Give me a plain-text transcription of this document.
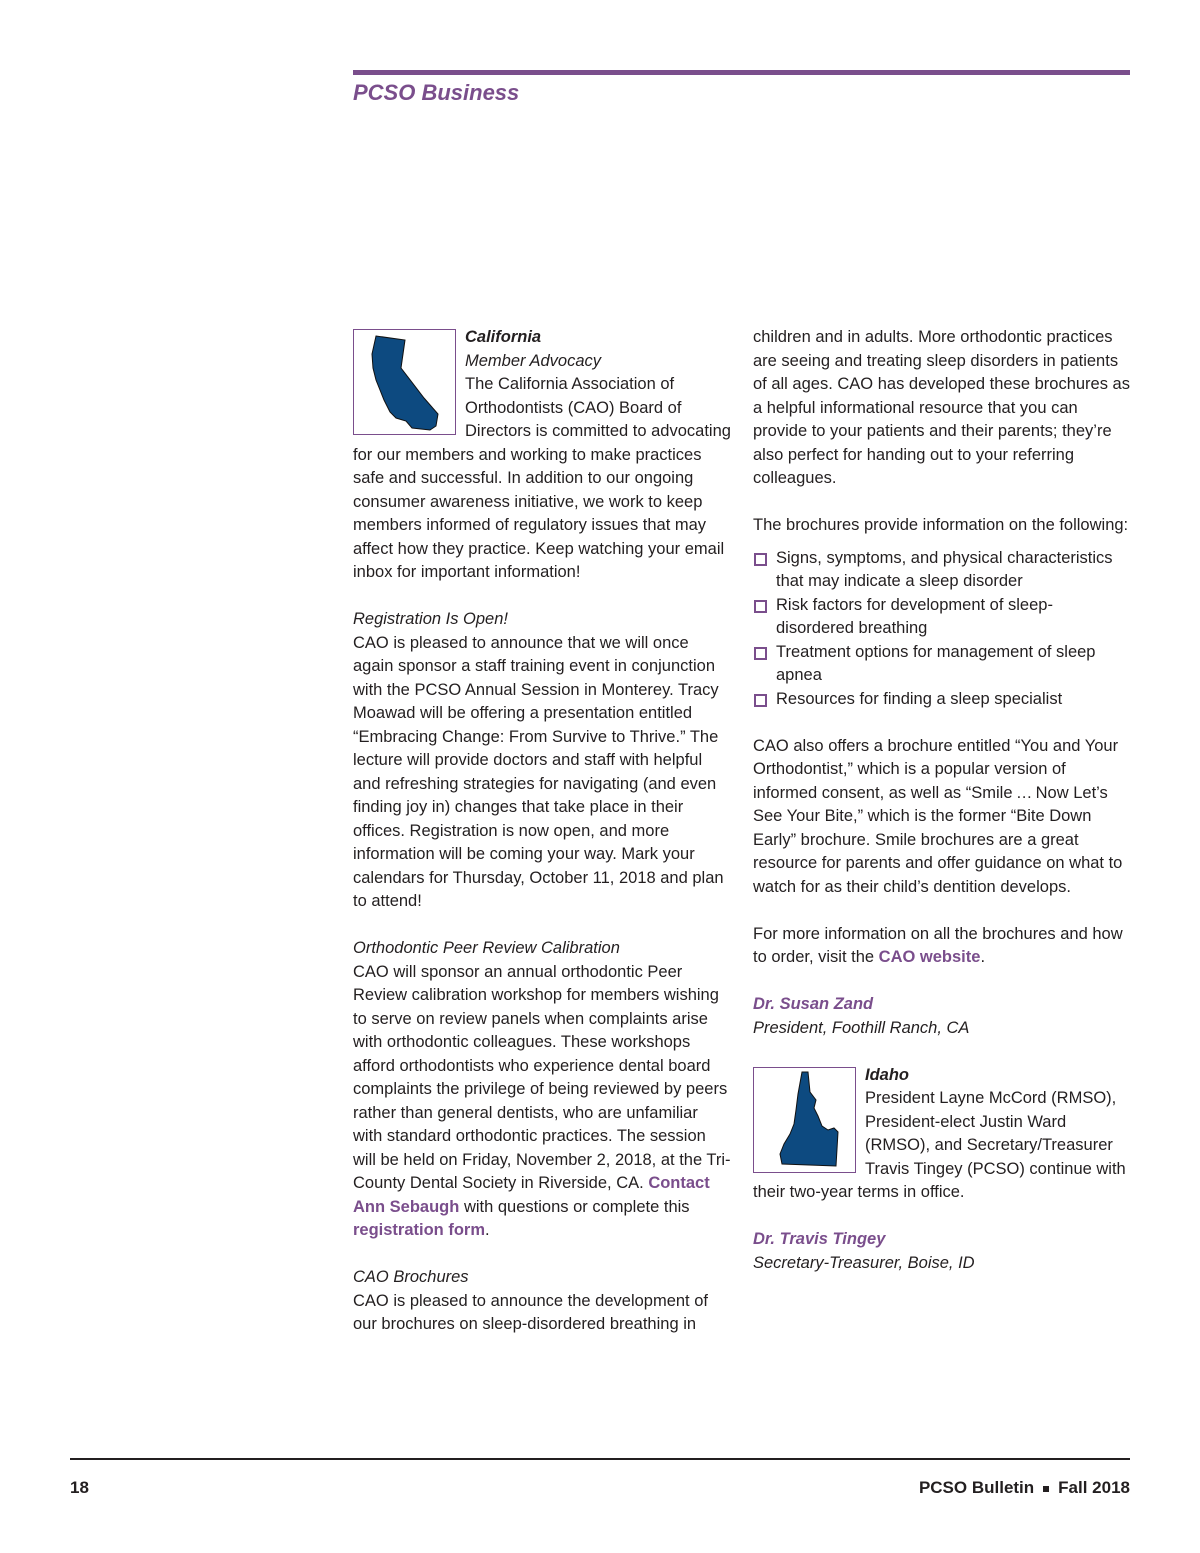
PCSO Business

California

Member Advocacy

The California Association of Orthodontists (CAO) Board of Directors is committed to advocating for our members and working to make practices safe and successful. In addition to our ongoing consumer awareness initiative, we work to keep members informed of regulatory issues that may affect how they practice. Keep watching your email inbox for important information!

Registration Is Open!

CAO is pleased to announce that we will once again sponsor a staff training event in conjunction with the PCSO Annual Session in Monterey. Tracy Moawad will be offering a presentation entitled “Embracing Change: From Survive to Thrive.” The lecture will provide doctors and staff with helpful and refreshing strategies for navigating (and even finding joy in) changes that take place in their offices. Registration is now open, and more information will be coming your way. Mark your calendars for Thursday, October 11, 2018 and plan to attend!

Orthodontic Peer Review Calibration

CAO will sponsor an annual orthodontic Peer Review calibration workshop for members wishing to serve on review panels when complaints arise with orthodontic colleagues. These workshops afford orthodontists who experience dental board complaints the privilege of being reviewed by peers rather than general dentists, who are unfamiliar with standard orthodontic practices. The session will be held on Friday, November 2, 2018, at the Tri-County Dental Society in Riverside, CA. Contact Ann Sebaugh with questions or complete this registration form.

CAO Brochures

CAO is pleased to announce the development of our brochures on sleep-disordered breathing in

children and in adults. More orthodontic practices are seeing and treating sleep disorders in patients of all ages. CAO has developed these brochures as a helpful informational resource that you can provide to your patients and their parents; they’re also perfect for handing out to your referring colleagues.

The brochures provide information on the following:

Signs, symptoms, and physical characteristics that may indicate a sleep disorder
Risk factors for development of sleep-disordered breathing
Treatment options for management of sleep apnea
Resources for finding a sleep specialist

CAO also offers a brochure entitled “You and Your Orthodontist,” which is a popular version of informed consent, as well as “Smile … Now Let’s See Your Bite,” which is the former “Bite Down Early” brochure. Smile brochures are a great resource for parents and offer guidance on what to watch for as their child’s dentition develops.

For more information on all the brochures and how to order, visit the CAO website.

Dr. Susan Zand

President, Foothill Ranch, CA

Idaho

President Layne McCord (RMSO), President-elect Justin Ward (RMSO), and Secretary/Treasurer Travis Tingey (PCSO) continue with their two-year terms in office.

Dr. Travis Tingey

Secretary-Treasurer, Boise, ID

18	PCSO Bulletin Fall 2018
